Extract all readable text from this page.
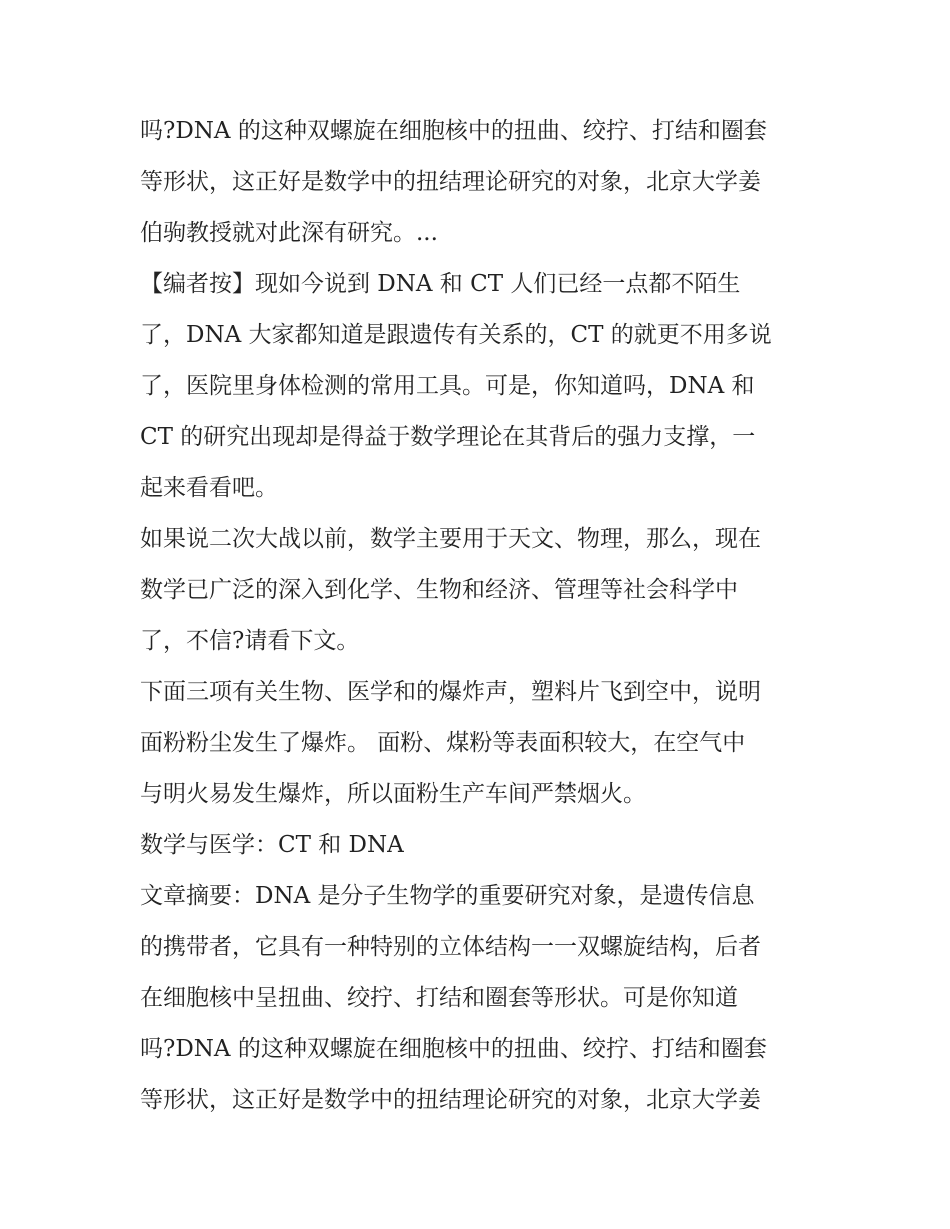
吗?DNA 的这种双螺旋在细胞核中的扭曲、绞拧、打结和圈套
等形状，这正好是数学中的扭结理论研究的对象，北京大学姜
伯驹教授就对此深有研究。...
【编者按】现如今说到 DNA 和 CT 人们已经一点都不陌生
了，DNA 大家都知道是跟遗传有关系的，CT 的就更不用多说
了，医院里身体检测的常用工具。可是，你知道吗，DNA 和
CT 的研究出现却是得益于数学理论在其背后的强力支撑，一
起来看看吧。
如果说二次大战以前，数学主要用于天文、物理，那么，现在
数学已广泛的深入到化学、生物和经济、管理等社会科学中
了，不信?请看下文。
下面三项有关生物、医学和的爆炸声，塑料片飞到空中，说明
面粉粉尘发生了爆炸。 面粉、煤粉等表面积较大，在空气中
与明火易发生爆炸，所以面粉生产车间严禁烟火。
数学与医学：CT 和 DNA
文章摘要：DNA 是分子生物学的重要研究对象，是遗传信息
的携带者，它具有一种特别的立体结构一一双螺旋结构，后者
在细胞核中呈扭曲、绞拧、打结和圈套等形状。可是你知道
吗?DNA 的这种双螺旋在细胞核中的扭曲、绞拧、打结和圈套
等形状，这正好是数学中的扭结理论研究的对象，北京大学姜
